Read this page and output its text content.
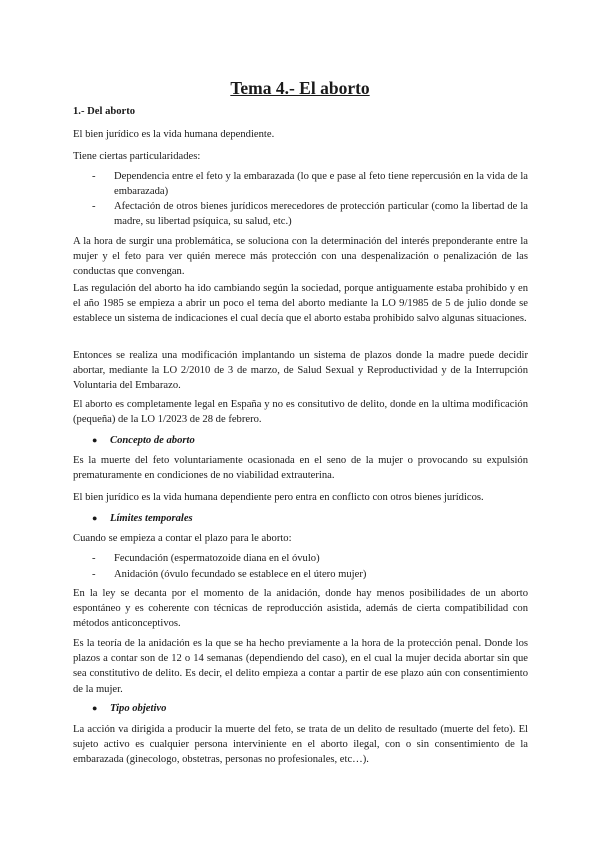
Tema 4.- El aborto
1.- Del aborto
El bien jurídico es la vida humana dependiente.
Tiene ciertas particularidades:
- Dependencia entre el feto y la embarazada (lo que e pase al feto tiene repercusión en la vida de la embarazada)
- Afectación de otros bienes jurídicos merecedores de protección particular (como la libertad de la madre, su libertad psíquica, su salud, etc.)
A la hora de surgir una problemática, se soluciona con la determinación del interés preponderante entre la mujer y el feto para ver quién merece más protección con una despenalización o penalización de las conductas que convengan.
Las regulación del aborto ha ido cambiando según la sociedad, porque antiguamente estaba prohibido y en el año 1985 se empieza a abrir un poco el tema del aborto mediante la LO 9/1985 de 5 de julio donde se establece un sistema de indicaciones el cual decía que el aborto estaba prohibido salvo algunas situaciones.
Entonces se realiza una modificación implantando un sistema de plazos donde la madre puede decidir abortar, mediante la LO 2/2010 de 3 de marzo, de Salud Sexual y Reproductividad y de la Interrupción Voluntaria del Embarazo.
El aborto es completamente legal en España y no es consitutivo de delito, donde en la ultima modificación (pequeña) de la LO 1/2023 de 28 de febrero.
● Concepto de aborto
Es la muerte del feto voluntariamente ocasionada en el seno de la mujer o provocando su expulsión prematuramente en condiciones de no viabilidad extrauterina.
El bien jurídico es la vida humana dependiente pero entra en conflicto con otros bienes jurídicos.
● Límites temporales
Cuando se empieza a contar el plazo para le aborto:
- Fecundación (espermatozoide diana en el óvulo)
- Anidación (óvulo fecundado se establece en el útero mujer)
En la ley se decanta por el momento de la anidación, donde hay menos posibilidades de un aborto espontáneo y es coherente con técnicas de reproducción asistida, además de cierta compatibilidad con métodos anticonceptivos.
Es la teoría de la anidación es la que se ha hecho previamente a la hora de la protección penal. Donde los plazos a contar son de 12 o 14 semanas (dependiendo del caso), en el cual la mujer decida abortar sin que sea constitutivo de delito. Es decir, el delito empieza a contar a partir de ese plazo aún con consentimiento de la mujer.
● Tipo objetivo
La acción va dirigida a producir la muerte del feto, se trata de un delito de resultado (muerte del feto). El sujeto activo es cualquier persona interviniente en el aborto ilegal, con o sin consentimiento de la embarazada (ginecologo, obstetras, personas no profesionales, etc…).
